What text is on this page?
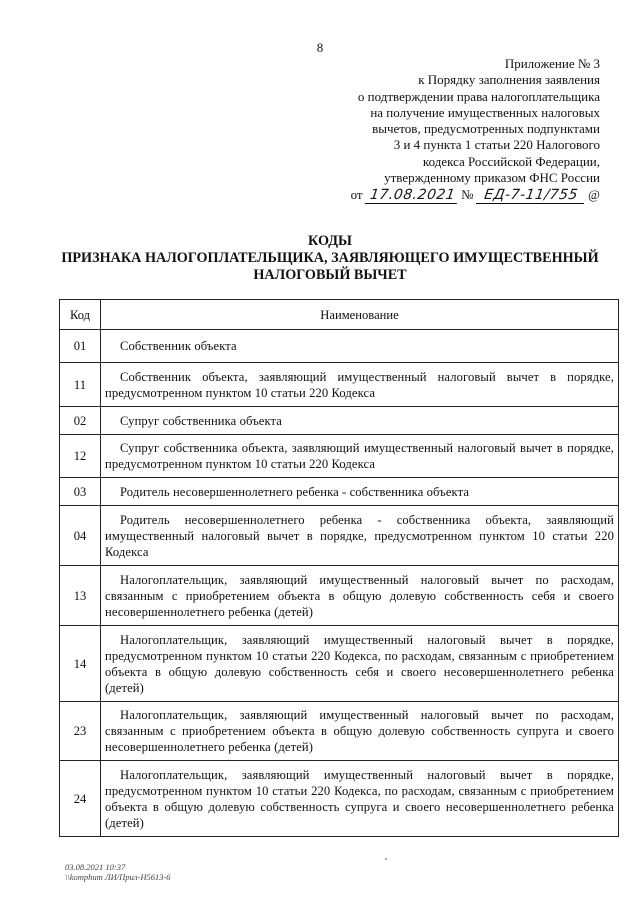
8
Приложение № 3
к Порядку заполнения заявления
о подтверждении права налогоплательщика
на получение имущественных налоговых
вычетов, предусмотренных подпунктами
3 и 4 пункта 1 статьи 220 Налогового
кодекса Российской Федерации,
утвержденному приказом ФНС России
от 17.08.2021 № ЕД-7-11/755 @
КОДЫ
ПРИЗНАКА НАЛОГОПЛАТЕЛЬЩИКА, ЗАЯВЛЯЮЩЕГО ИМУЩЕСТВЕННЫЙ
НАЛОГОВЫЙ ВЫЧЕТ
Код	Наименование
01	Собственник объекта
11	Собственник объекта, заявляющий имущественный налоговый вычет в порядке, предусмотренном пунктом 10 статьи 220 Кодекса
02	Супруг собственника объекта
12	Супруг собственника объекта, заявляющий имущественный налоговый вычет в порядке, предусмотренном пунктом 10 статьи 220 Кодекса
03	Родитель несовершеннолетнего ребенка - собственника объекта
04	Родитель несовершеннолетнего ребенка - собственника объекта, заявляющий имущественный налоговый вычет в порядке, предусмотренном пунктом 10 статьи 220 Кодекса
13	Налогоплательщик, заявляющий имущественный налоговый вычет по расходам, связанным с приобретением объекта в общую долевую собственность себя и своего несовершеннолетнего ребенка (детей)
14	Налогоплательщик, заявляющий имущественный налоговый вычет в порядке, предусмотренном пунктом 10 статьи 220 Кодекса, по расходам, связанным с приобретением объекта в общую долевую собственность себя и своего несовершеннолетнего ребенка (детей)
23	Налогоплательщик, заявляющий имущественный налоговый вычет по расходам, связанным с приобретением объекта в общую долевую собственность супруга и своего несовершеннолетнего ребенка (детей)
24	Налогоплательщик, заявляющий имущественный налоговый вычет в порядке, предусмотренном пунктом 10 статьи 220 Кодекса, по расходам, связанным с приобретением объекта в общую долевую собственность супруга и своего несовершеннолетнего ребенка (детей)
03.08.2021 10:37
\\komphum ЛИ/Прил-Н5613-6
